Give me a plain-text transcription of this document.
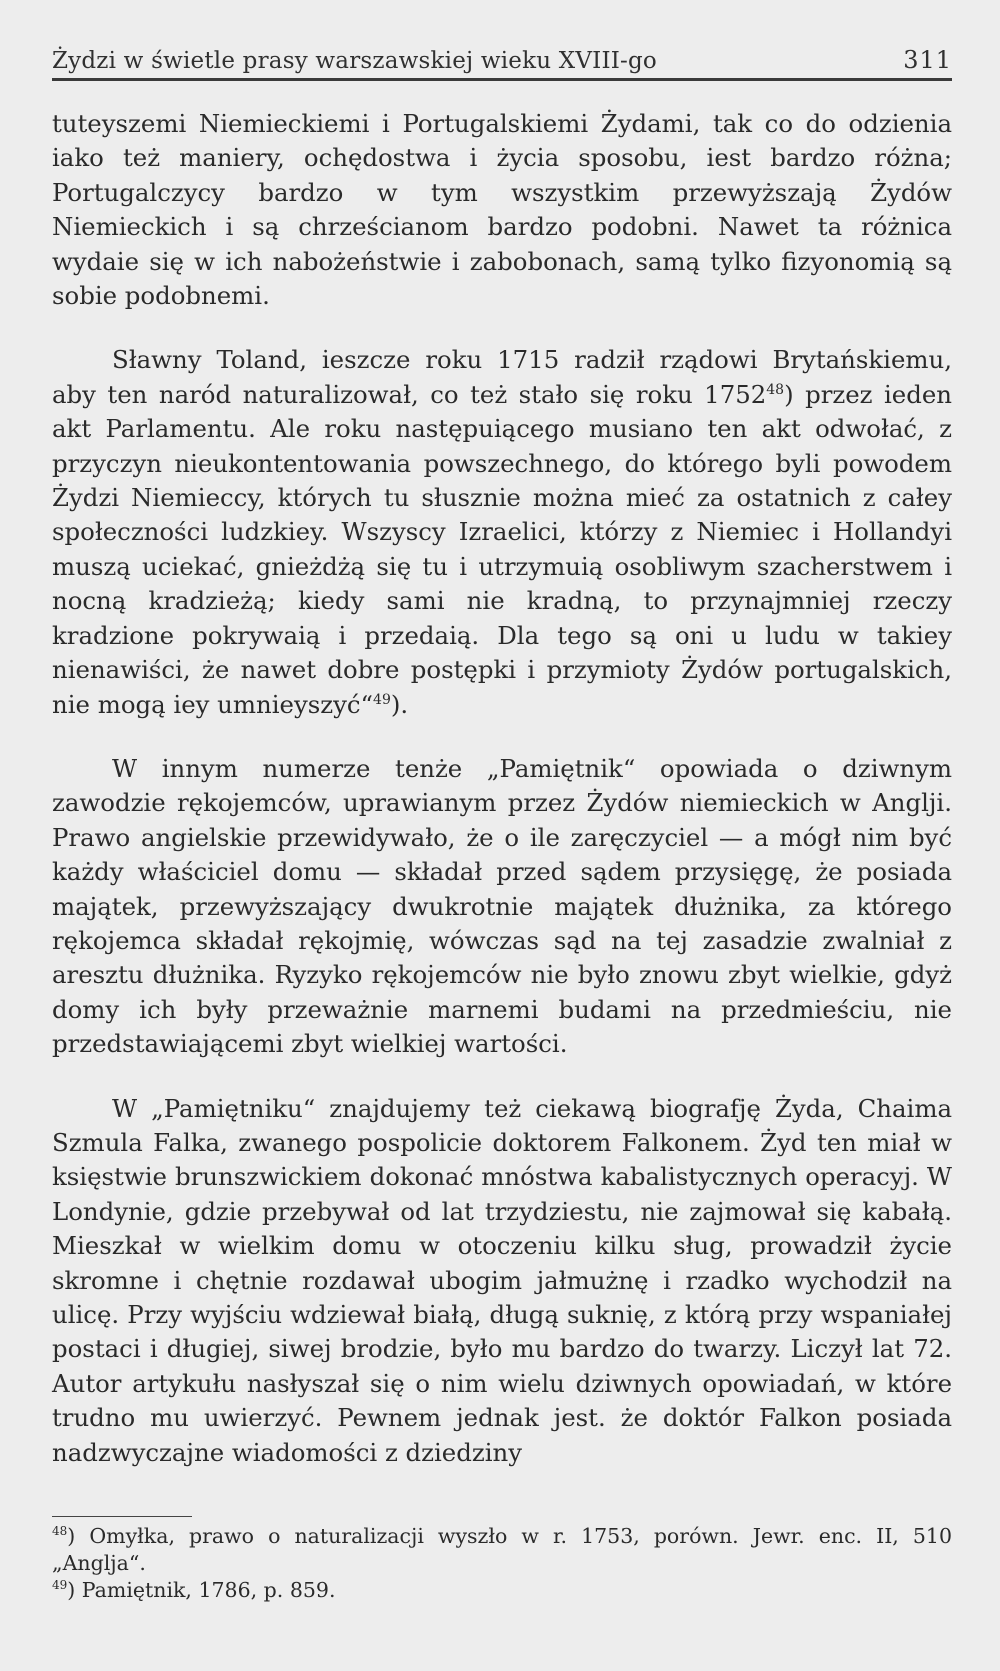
Żydzi w świetle prasy warszawskiej wieku XVIII-go	311

tuteyszemi Niemieckiemi i Portugalskiemi Żydami, tak co do odzienia iako też maniery, ochędostwa i życia sposobu, iest bardzo różna; Portugalczycy bardzo w tym wszystkim przewyższają Żydów Niemieckich i są chrześcianom bardzo podobni. Nawet ta różnica wydaie się w ich nabożeństwie i zabobonach, samą tylko fizyonomią są sobie podobnemi.

Sławny Toland, ieszcze roku 1715 radził rządowi Brytańskiemu, aby ten naród naturalizował, co też stało się roku 1752$^{48}$) przez ieden akt Parlamentu. Ale roku następuiącego musiano ten akt odwołać, z przyczyn nieukontentowania powszechnego, do którego byli powodem Żydzi Niemieccy, których tu słusznie można mieć za ostatnich z całey społeczności ludzkiey. Wszyscy Izraelici, którzy z Niemiec i Hollandyi muszą uciekać, gnieżdżą się tu i utrzymuią osobliwym szacherstwem i nocną kradzieżą; kiedy sami nie kradną, to przynajmniej rzeczy kradzione pokrywaią i przedaią. Dla tego są oni u ludu w takiey nienawiści, że nawet dobre postępki i przymioty Żydów portugalskich, nie mogą iey umnieyszyć“$^{49}$).

W innym numerze tenże „Pamiętnik“ opowiada o dziwnym zawodzie rękojemców, uprawianym przez Żydów niemieckich w Anglji. Prawo angielskie przewidywało, że o ile zaręczyciel — a mógł nim być każdy właściciel domu — składał przed sądem przysięgę, że posiada majątek, przewyższający dwukrotnie majątek dłużnika, za którego rękojemca składał rękojmię, wówczas sąd na tej zasadzie zwalniał z aresztu dłużnika. Ryzyko rękojemców nie było znowu zbyt wielkie, gdyż domy ich były przeważnie marnemi budami na przedmieściu, nie przedstawiającemi zbyt wielkiej wartości.

W „Pamiętniku“ znajdujemy też ciekawą biografję Żyda, Chaima Szmula Falka, zwanego pospolicie doktorem Falkonem. Żyd ten miał w księstwie brunszwickiem dokonać mnóstwa kabalistycznych operacyj. W Londynie, gdzie przebywał od lat trzydziestu, nie zajmował się kabałą. Mieszkał w wielkim domu w otoczeniu kilku sług, prowadził życie skromne i chętnie rozdawał ubogim jałmużnę i rzadko wychodził na ulicę. Przy wyjściu wdziewał białą, długą suknię, z którą przy wspaniałej postaci i długiej, siwej brodzie, było mu bardzo do twarzy. Liczył lat 72. Autor artykułu nasłyszał się o nim wielu dziwnych opowiadań, w które trudno mu uwierzyć. Pewnem jednak jest. że doktór Falkon posiada nadzwyczajne wiadomości z dziedziny

$^{48}$) Omyłka, prawo o naturalizacji wyszło w r. 1753, porówn. Jewr. enc. II, 510 „Anglja“.

$^{49}$) Pamiętnik, 1786, p. 859.
